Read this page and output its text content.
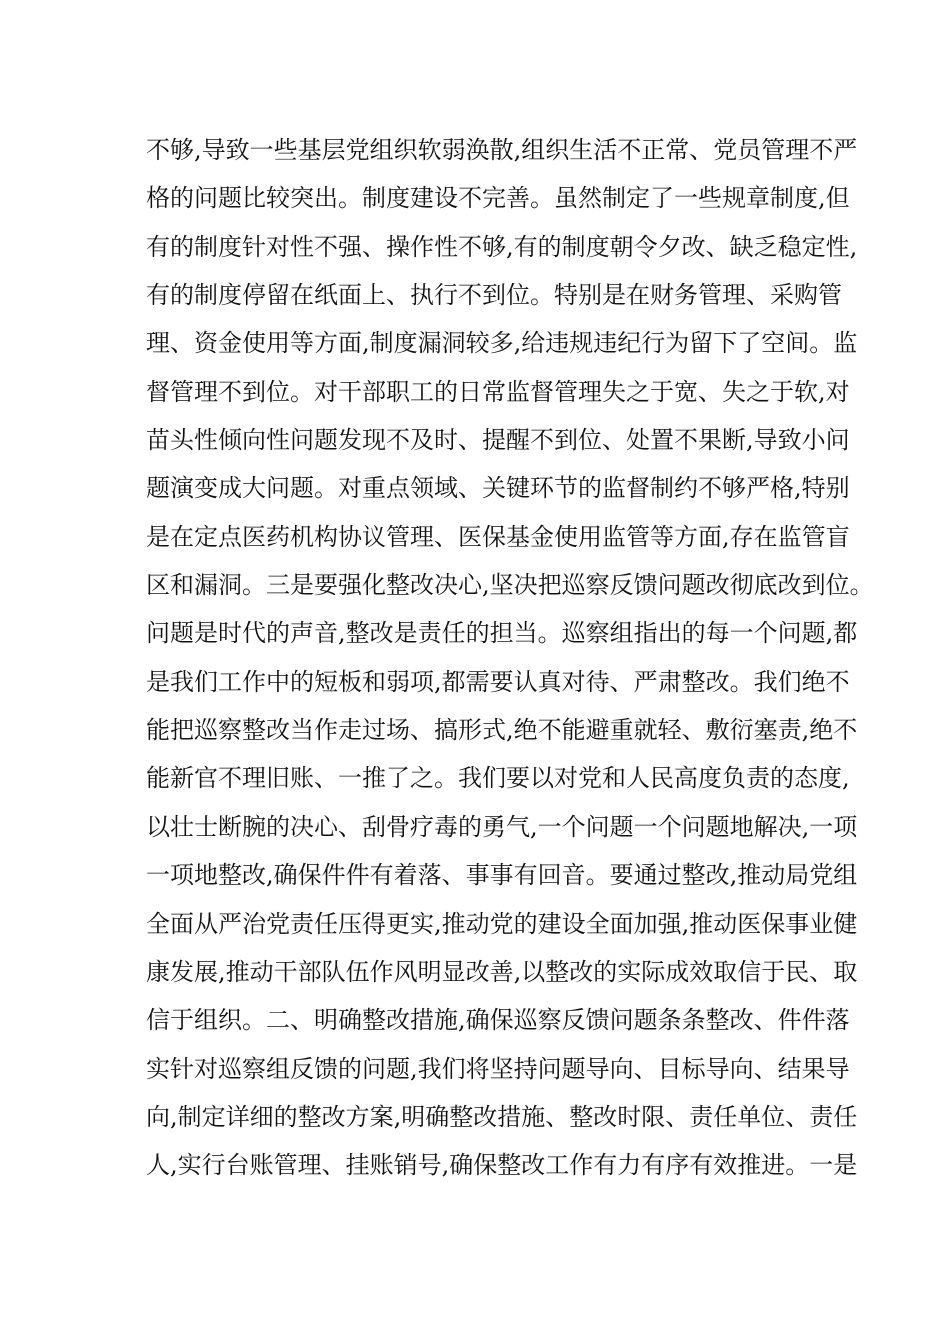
不够,导致一些基层党组织软弱涣散,组织生活不正常、党员管理不严
格的问题比较突出。制度建设不完善。虽然制定了一些规章制度,但
有的制度针对性不强、操作性不够,有的制度朝令夕改、缺乏稳定性,
有的制度停留在纸面上、执行不到位。特别是在财务管理、采购管
理、资金使用等方面,制度漏洞较多,给违规违纪行为留下了空间。监
督管理不到位。对干部职工的日常监督管理失之于宽、失之于软,对
苗头性倾向性问题发现不及时、提醒不到位、处置不果断,导致小问
题演变成大问题。对重点领域、关键环节的监督制约不够严格,特别
是在定点医药机构协议管理、医保基金使用监管等方面,存在监管盲
区和漏洞。三是要强化整改决心,坚决把巡察反馈问题改彻底改到位。
问题是时代的声音,整改是责任的担当。巡察组指出的每一个问题,都
是我们工作中的短板和弱项,都需要认真对待、严肃整改。我们绝不
能把巡察整改当作走过场、搞形式,绝不能避重就轻、敷衍塞责,绝不
能新官不理旧账、一推了之。我们要以对党和人民高度负责的态度,
以壮士断腕的决心、刮骨疗毒的勇气,一个问题一个问题地解决,一项
一项地整改,确保件件有着落、事事有回音。要通过整改,推动局党组
全面从严治党责任压得更实,推动党的建设全面加强,推动医保事业健
康发展,推动干部队伍作风明显改善,以整改的实际成效取信于民、取
信于组织。二、明确整改措施,确保巡察反馈问题条条整改、件件落
实针对巡察组反馈的问题,我们将坚持问题导向、目标导向、结果导
向,制定详细的整改方案,明确整改措施、整改时限、责任单位、责任
人,实行台账管理、挂账销号,确保整改工作有力有序有效推进。一是
